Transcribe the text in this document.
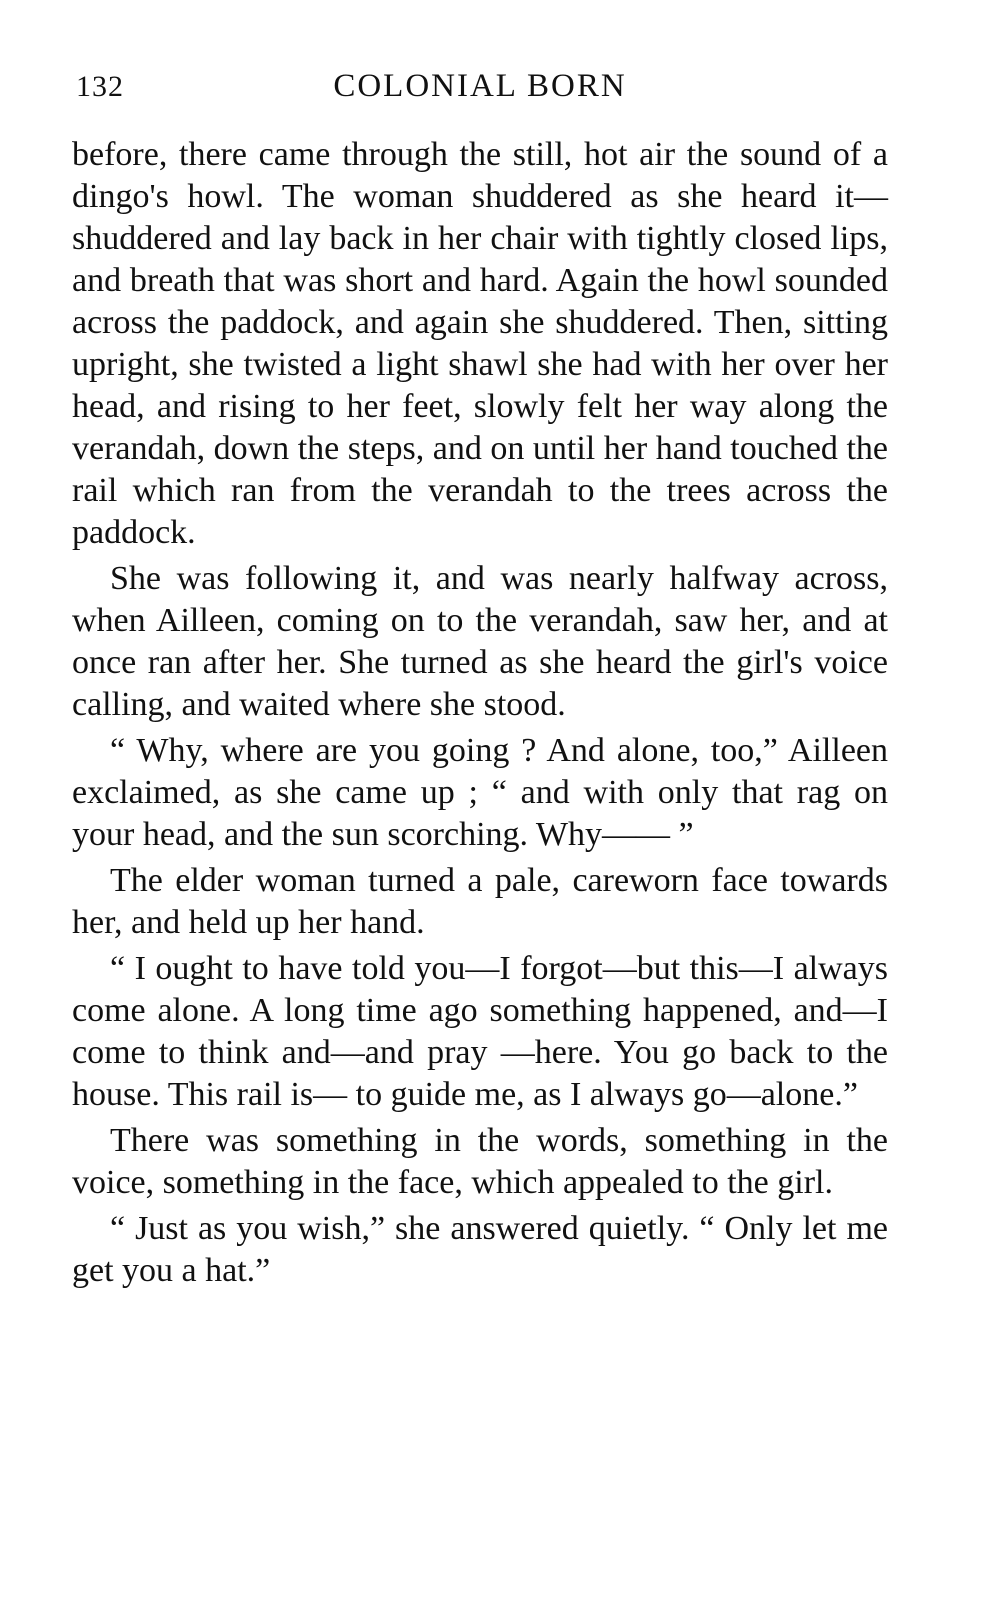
132	COLONIAL BORN

before, there came through the still, hot air the sound of a dingo's howl. The woman shuddered as she heard it—shuddered and lay back in her chair with tightly closed lips, and breath that was short and hard. Again the howl sounded across the paddock, and again she shuddered. Then, sitting upright, she twisted a light shawl she had with her over her head, and rising to her feet, slowly felt her way along the verandah, down the steps, and on until her hand touched the rail which ran from the verandah to the trees across the paddock.

She was following it, and was nearly halfway across, when Ailleen, coming on to the verandah, saw her, and at once ran after her. She turned as she heard the girl's voice calling, and waited where she stood.

“ Why, where are you going ? And alone, too,” Ailleen exclaimed, as she came up ; “ and with only that rag on your head, and the sun scorching. Why—— ”

The elder woman turned a pale, careworn face towards her, and held up her hand.

“ I ought to have told you—I forgot—but this—I always come alone. A long time ago something happened, and—I come to think and—and pray —here. You go back to the house. This rail is— to guide me, as I always go—alone.”

There was something in the words, something in the voice, something in the face, which appealed to the girl.

“ Just as you wish,” she answered quietly. “ Only let me get you a hat.”
